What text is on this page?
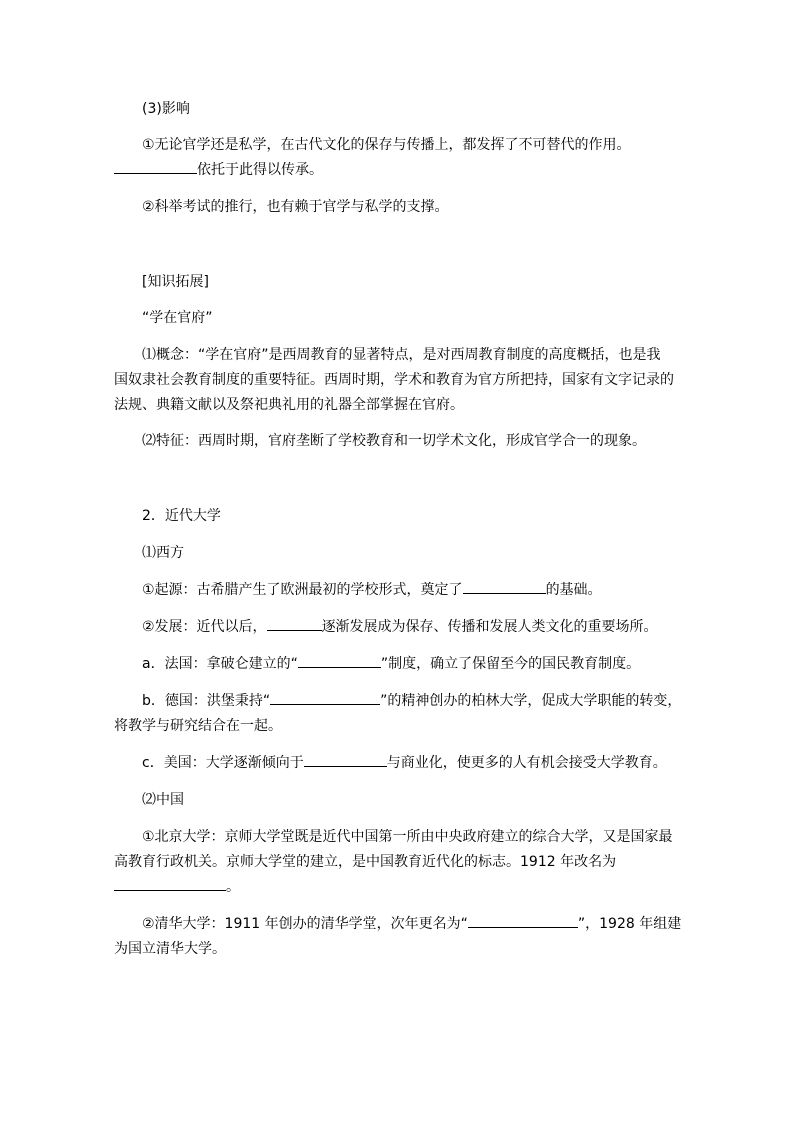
(3)影响

①无论官学还是私学，在古代文化的保存与传播上，都发挥了不可替代的作用。

依托于此得以传承。

②科举考试的推行，也有赖于官学与私学的支撑。

[知识拓展]

“学在官府”

⑴概念：“学在官府”是西周教育的显著特点，是对西周教育制度的高度概括，也是我

国奴隶社会教育制度的重要特征。西周时期，学术和教育为官方所把持，国家有文字记录的

法规、典籍文献以及祭祀典礼用的礼器全部掌握在官府。

⑵特征：西周时期，官府垄断了学校教育和一切学术文化，形成官学合一的现象。

2．近代大学

⑴西方

①起源：古希腊产生了欧洲最初的学校形式，奠定了	的基础。

②发展：近代以后，	逐渐发展成为保存、传播和发展人类文化的重要场所。

a．法国：拿破仑建立的“	”制度，确立了保留至今的国民教育制度。

b．德国：洪堡秉持“	”的精神创办的柏林大学，促成大学职能的转变，

将教学与研究结合在一起。

c．美国：大学逐渐倾向于	与商业化，使更多的人有机会接受大学教育。

⑵中国

①北京大学：京师大学堂既是近代中国第一所由中央政府建立的综合大学，又是国家最

高教育行政机关。京师大学堂的建立，是中国教育近代化的标志。1912 年改名为

。

②清华大学：1911 年创办的清华学堂，次年更名为“	”，1928 年组建

为国立清华大学。
